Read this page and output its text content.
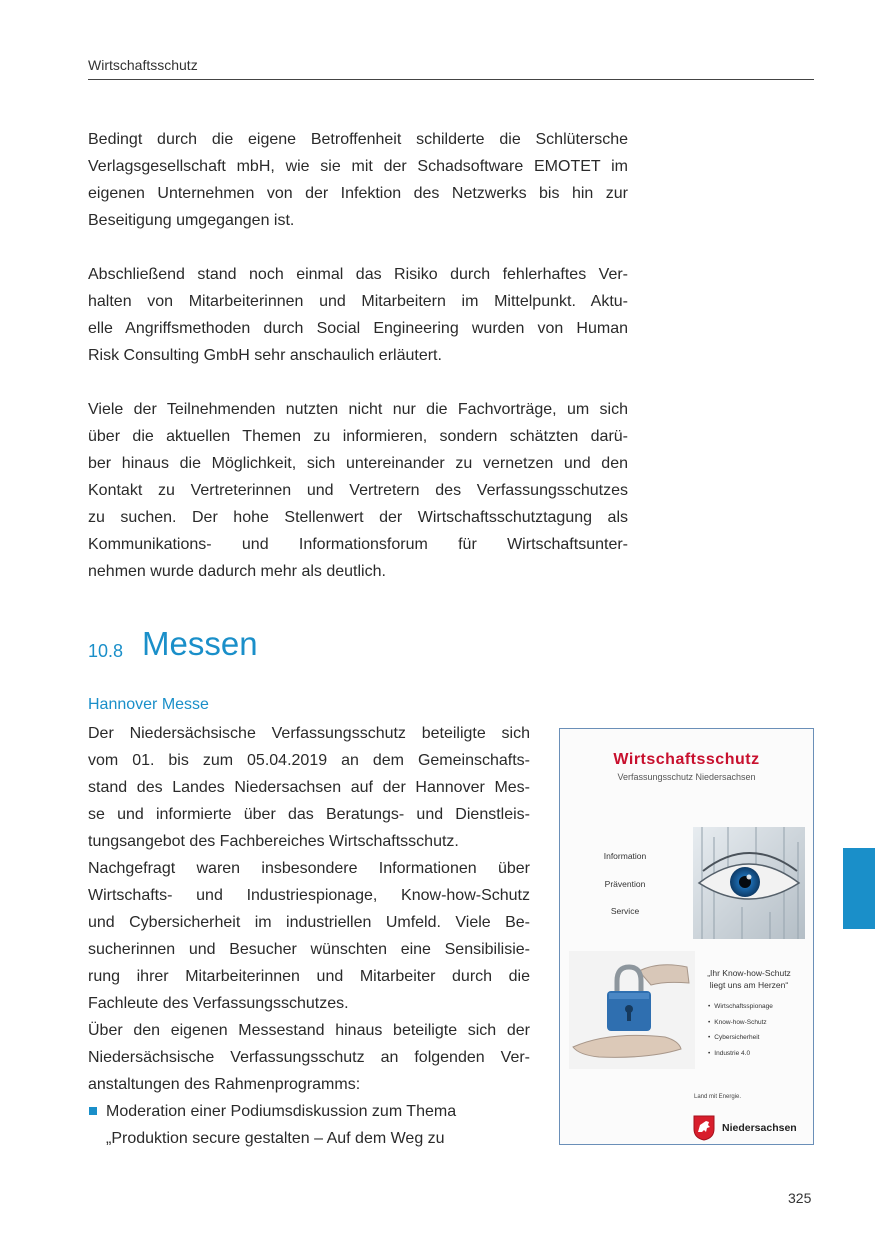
Wirtschaftsschutz

Bedingt durch die eigene Betroffenheit schilderte die Schlütersche
Verlagsgesellschaft mbH, wie sie mit der Schadsoftware EMOTET im
eigenen Unternehmen von der Infektion des Netzwerks bis hin zur
Beseitigung umgegangen ist.

Abschließend stand noch einmal das Risiko durch fehlerhaftes Ver-
halten von Mitarbeiterinnen und Mitarbeitern im Mittelpunkt. Aktu-
elle Angriffsmethoden durch Social Engineering wurden von Human
Risk Consulting GmbH sehr anschaulich erläutert.

Viele der Teilnehmenden nutzten nicht nur die Fachvorträge, um sich
über die aktuellen Themen zu informieren, sondern schätzten darü-
ber hinaus die Möglichkeit, sich untereinander zu vernetzen und den
Kontakt zu Vertreterinnen und Vertretern des Verfassungsschutzes
zu suchen. Der hohe Stellenwert der Wirtschaftsschutztagung als
Kommunikations- und Informationsforum für Wirtschaftsunter-
nehmen wurde dadurch mehr als deutlich.

10.8 Messen
Hannover Messe
Der Niedersächsische Verfassungsschutz beteiligte sich
vom 01. bis zum 05.04.2019 an dem Gemeinschafts-
stand des Landes Niedersachsen auf der Hannover Mes-
se und informierte über das Beratungs- und Dienstleis-
tungsangebot des Fachbereiches Wirtschaftsschutz.
Nachgefragt waren insbesondere Informationen über
Wirtschafts- und Industriespionage, Know-how-Schutz
und Cybersicherheit im industriellen Umfeld. Viele Be-
sucherinnen und Besucher wünschten eine Sensibilisie-
rung ihrer Mitarbeiterinnen und Mitarbeiter durch die
Fachleute des Verfassungsschutzes.
Über den eigenen Messestand hinaus beteiligte sich der
Niedersächsische Verfassungsschutz an folgenden Ver-
anstaltungen des Rahmenprogramms:
Moderation einer Podiumsdiskussion zum Thema
„Produktion secure gestalten – Auf dem Weg zu
Wirtschaftsschutz
Verfassungsschutz Niedersachsen
Information
Prävention
Service
„Ihr Know-how-Schutz
liegt uns am Herzen“
• Wirtschaftsspionage
• Know-how-Schutz
• Cybersicherheit
• Industrie 4.0
Land mit Energie.
Niedersachsen
325
